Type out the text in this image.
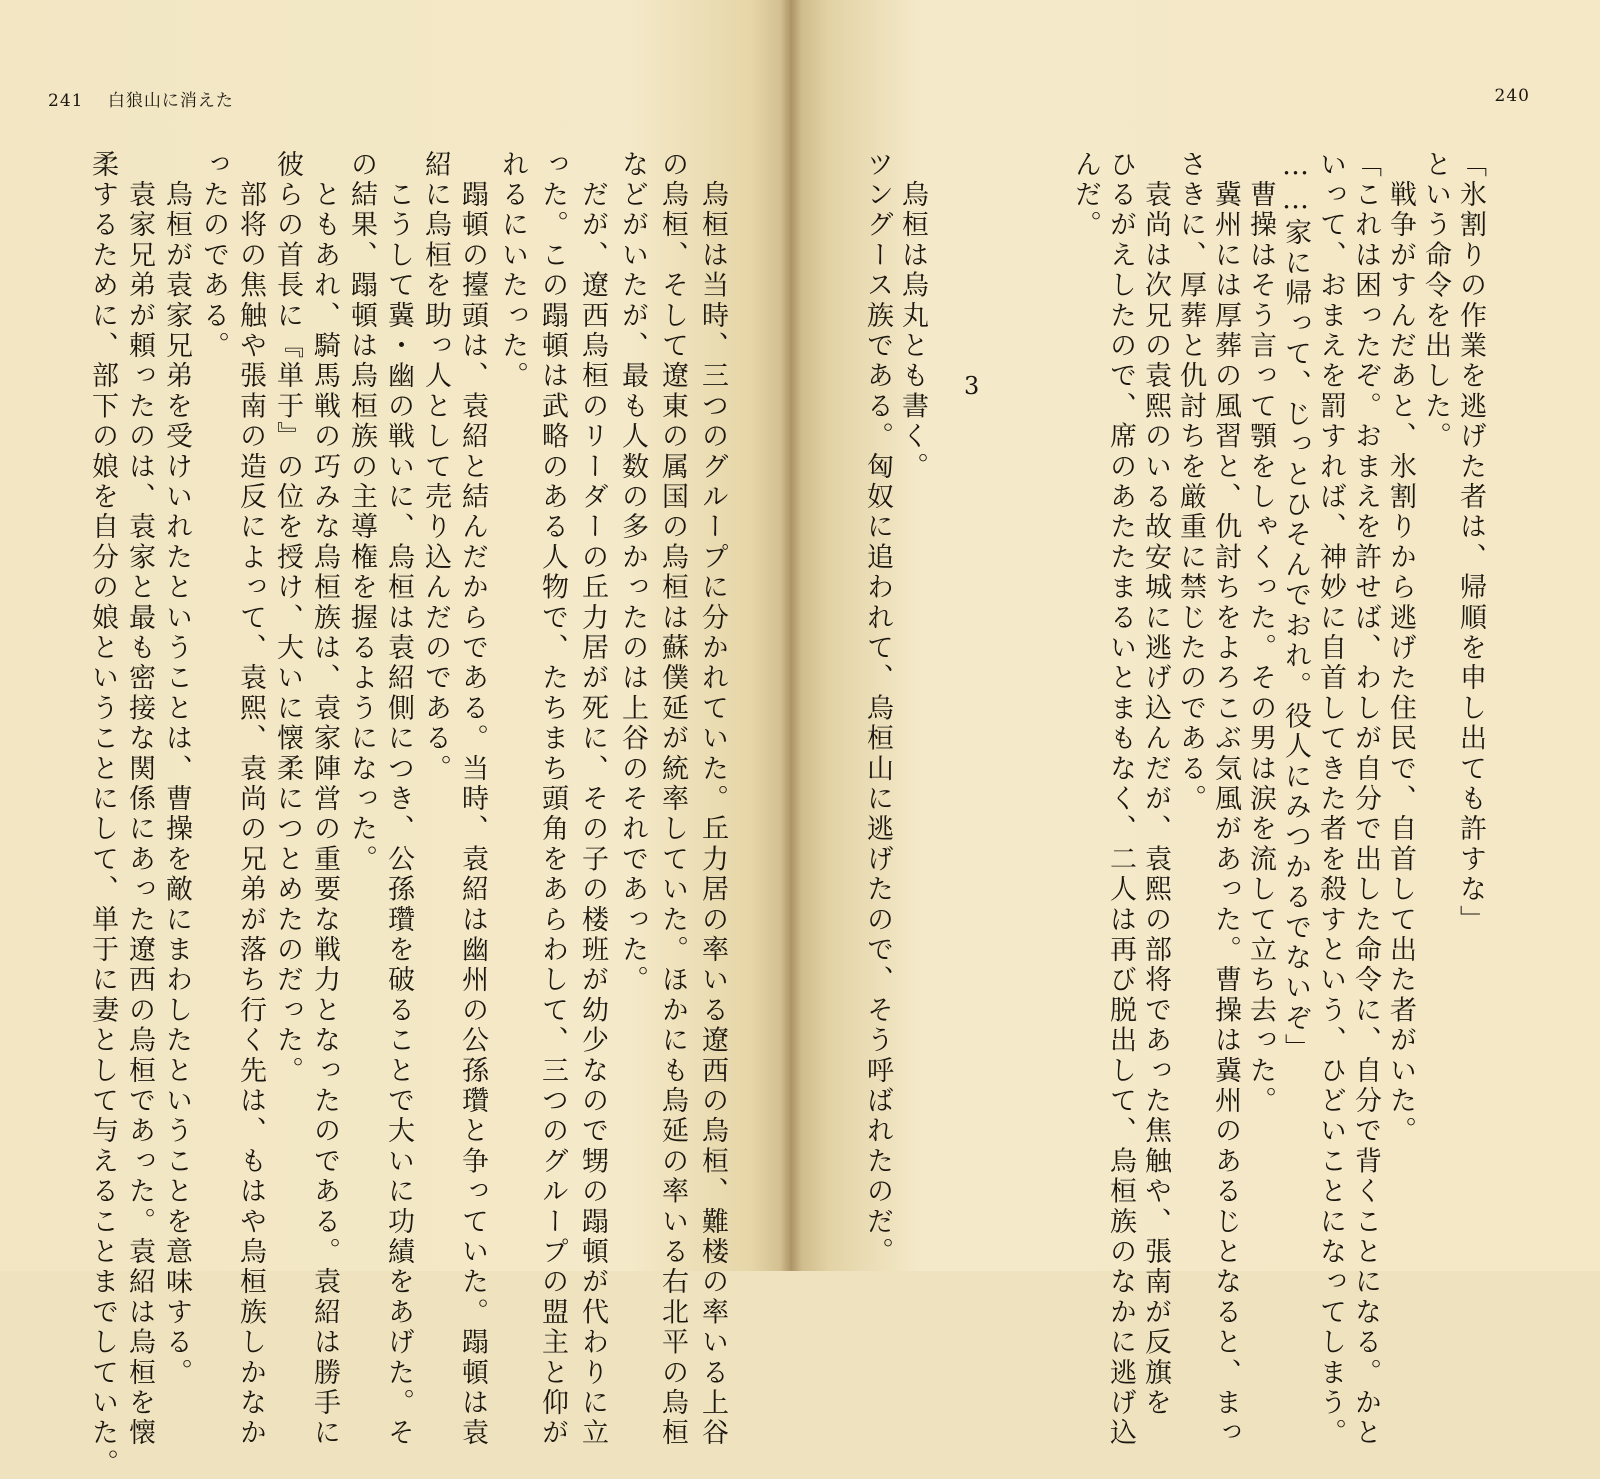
241 白狼山に消えた	240
「氷割りの作業を逃げた者は、帰順を申し出ても許すな」
という命令を出した。
　戦争がすんだあと、氷割りから逃げた住民で、自首して出た者がいた。
「これは困ったぞ。おまえを許せば、わしが自分で出した命令に、自分で背くことになる。かと
いって、おまえを罰すれば、神妙に自首してきた者を殺すという、ひどいことになってしまう。
……家に帰って、じっとひそんでおれ。役人にみつかるでないぞ」
　曹操はそう言って顎をしゃくった。その男は涙を流して立ち去った。
　冀州には厚葬の風習と、仇討ちをよろこぶ気風があった。曹操は冀州のあるじとなると、まっ
さきに、厚葬と仇討ちを厳重に禁じたのである。
　袁尚は次兄の袁熙のいる故安城に逃げ込んだが、袁熙の部将であった焦触や、張南が反旗を
ひるがえしたので、席のあたたまるいとまもなく、二人は再び脱出して、烏桓族のなかに逃げ込
んだ。
3
　烏桓は烏丸とも書く。
ツングース族である。匈奴に追われて、烏桓山に逃げたので、そう呼ばれたのだ。
　烏桓は当時、三つのグループに分かれていた。丘力居の率いる遼西の烏桓、難楼の率いる上谷
の烏桓、そして遼東の属国の烏桓は蘇僕延が統率していた。ほかにも烏延の率いる右北平の烏桓
などがいたが、最も人数の多かったのは上谷のそれであった。
　だが、遼西烏桓のリーダーの丘力居が死に、その子の楼班が幼少なので甥の蹋頓が代わりに立
った。この蹋頓は武略のある人物で、たちまち頭角をあらわして、三つのグループの盟主と仰が
れるにいたった。
　蹋頓の擡頭は、袁紹と結んだからである。当時、袁紹は幽州の公孫瓚と争っていた。蹋頓は袁
紹に烏桓を助っ人として売り込んだのである。
　こうして冀・幽の戦いに、烏桓は袁紹側につき、公孫瓚を破ることで大いに功績をあげた。そ
の結果、蹋頓は烏桓族の主導権を握るようになった。
　ともあれ、騎馬戦の巧みな烏桓族は、袁家陣営の重要な戦力となったのである。袁紹は勝手に
彼らの首長に『単于』の位を授け、大いに懐柔につとめたのだった。
　部将の焦触や張南の造反によって、袁熙、袁尚の兄弟が落ち行く先は、もはや烏桓族しかなか
ったのである。
　烏桓が袁家兄弟を受けいれたということは、曹操を敵にまわしたということを意味する。
　袁家兄弟が頼ったのは、袁家と最も密接な関係にあった遼西の烏桓であった。袁紹は烏桓を懐
柔するために、部下の娘を自分の娘ということにして、単于に妻として与えることまでしていた。
